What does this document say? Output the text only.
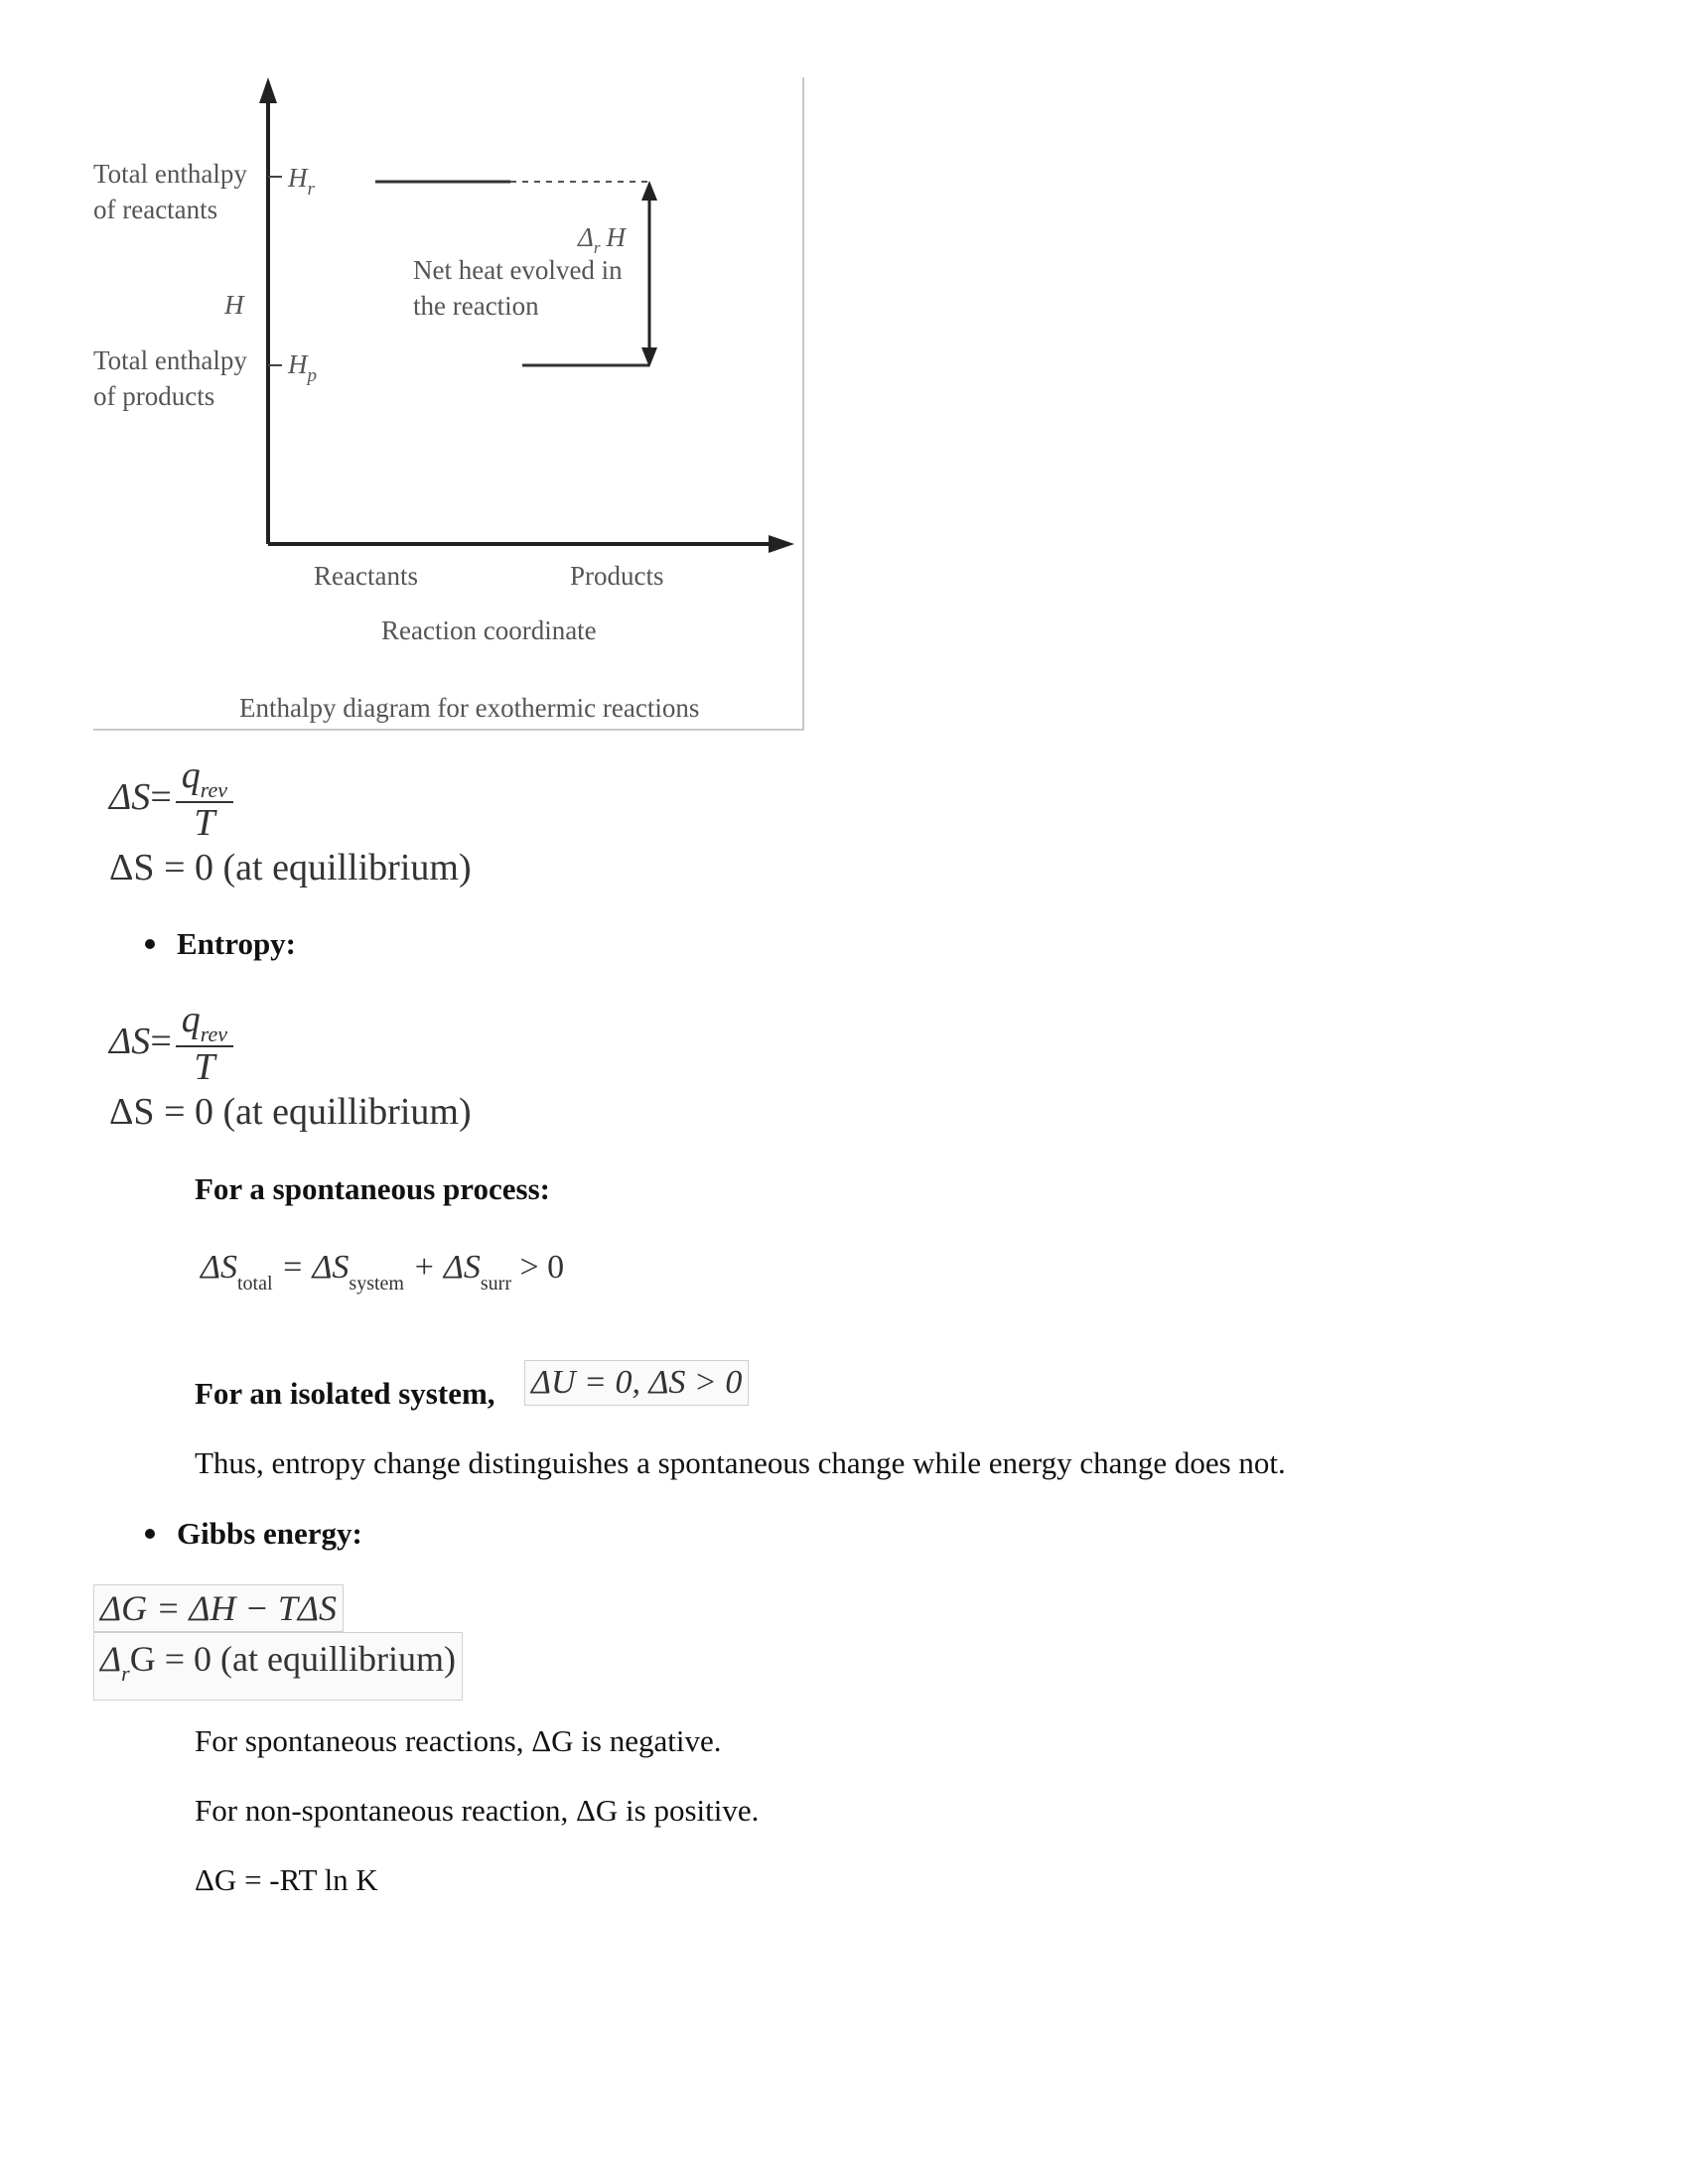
Total enthalpy
of reactants
$H_r$
H
Total enthalpy
of products
$H_p$
$\Delta_r$ H
Net heat evolved in
the reaction
Reactants	Products
Reaction coordinate
Enthalpy diagram for exothermic reactions
$\Delta S= \frac{q_{rev}}{T}$
ΔS = 0 (at equillibrium)
Entropy:
$\Delta S= \frac{q_{rev}}{T}$
ΔS = 0 (at equillibrium)
For a spontaneous process:
$\Delta S_{total} = \Delta S_{system} + \Delta S_{surr} > 0$
For an isolated system, ΔU = 0, ΔS > 0
Thus, entropy change distinguishes a spontaneous change while energy change does not.
Gibbs energy:
ΔG = ΔH − TΔS
$\Delta_rG = 0$ (at equillibrium)
For spontaneous reactions, ΔG is negative.
For non-spontaneous reaction, ΔG is positive.
ΔG = -RT ln K
